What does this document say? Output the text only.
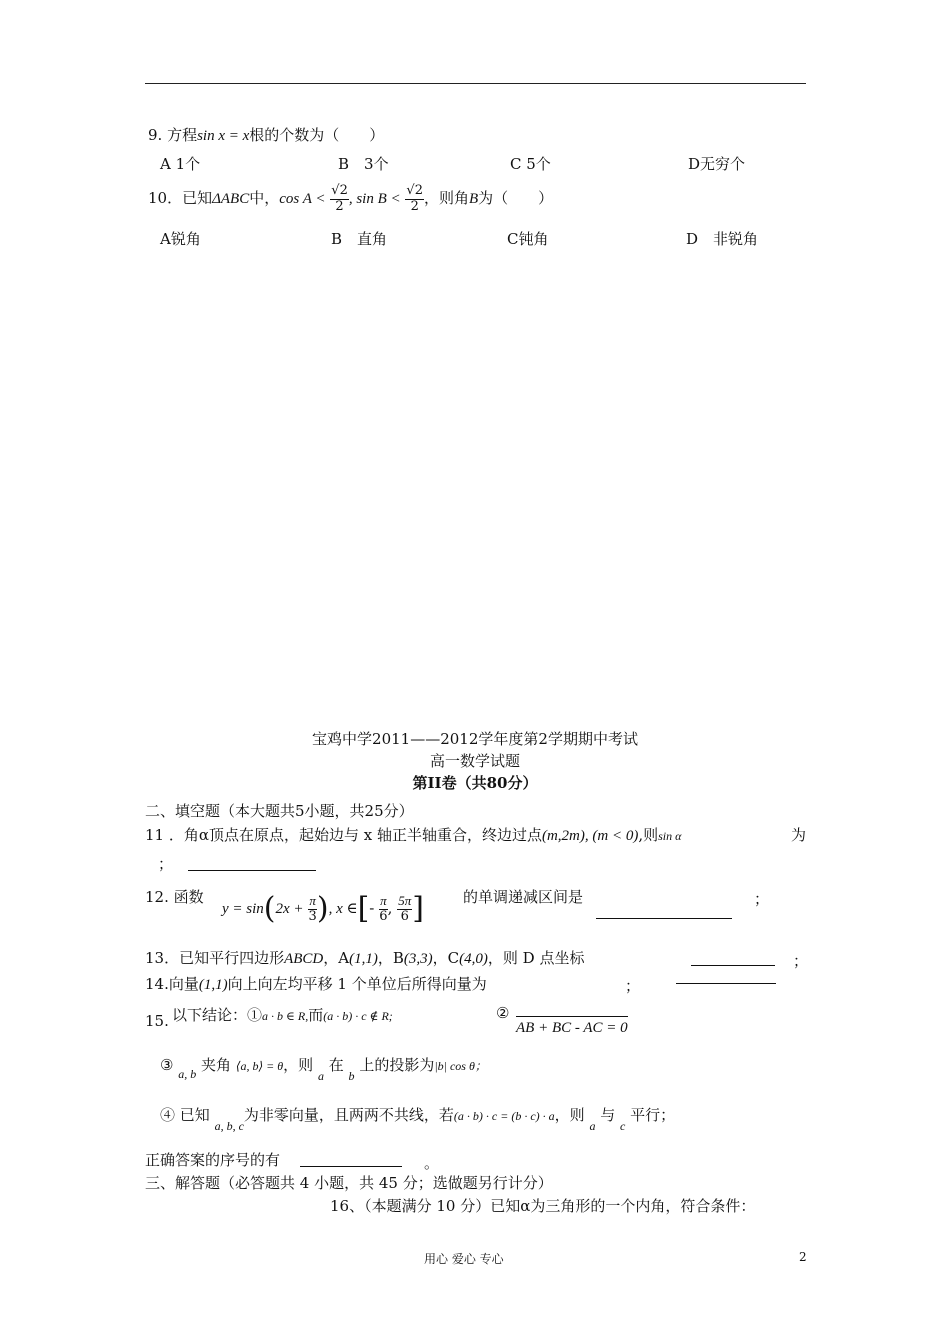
9. 方程sin x = x根的个数为（　　）
A 1个	B　3个	C 5个	D无穷个
10．已知ΔABC中，$\cos A < \frac{√2}{2}$ , $\sin B < \frac{√2}{2}$ ，则角B为（　　）
A锐角	B　直角	C钝角	D　非锐角
宝鸡中学2011——2012学年度第2学期期中考试
高一数学试题
第II卷（共80分）
二、填空题（本大题共5小题，共25分）
11 ．角α顶点在原点，起始边与 x 轴正半轴重合，终边过点(m,2m), (m < 0),则sin α	为
；
12. 函数
$y = \sin(2x + \frac{\pi}{3}$ ), x ∈[- $\frac{\pi}{6}$ , $\frac{5\pi}{6}$ ]	的单调递减区间是	；
13．已知平行四边形ABCD，A(1,1)，B(3,3)，C(4,0)，则 D 点坐标	；
14.向量(1,1)向上向左均平移 1 个单位后所得向量为	；
15. 以下结论：①a · b ∈ R,而(a · b) · c ∉ R;	②
AB + BC - AC = 0
③ $_{a, b}$ 夹角 ⟨a, b⟩ = θ，则 $_a$ 在 $_b$ 上的投影为|b| cos θ；
④ 已知 $_{a, b, c}$为非零向量，且两两不共线，若(a · b) · c = (b · c) · a，则 $_a$ 与 $_c$ 平行；
正确答案的序号的有	。
三、解答题（必答题共 4 小题，共 45 分；选做题另行计分）
16、（本题满分 10 分）已知α为三角形的一个内角，符合条件：
用心 爱心 专心	2
